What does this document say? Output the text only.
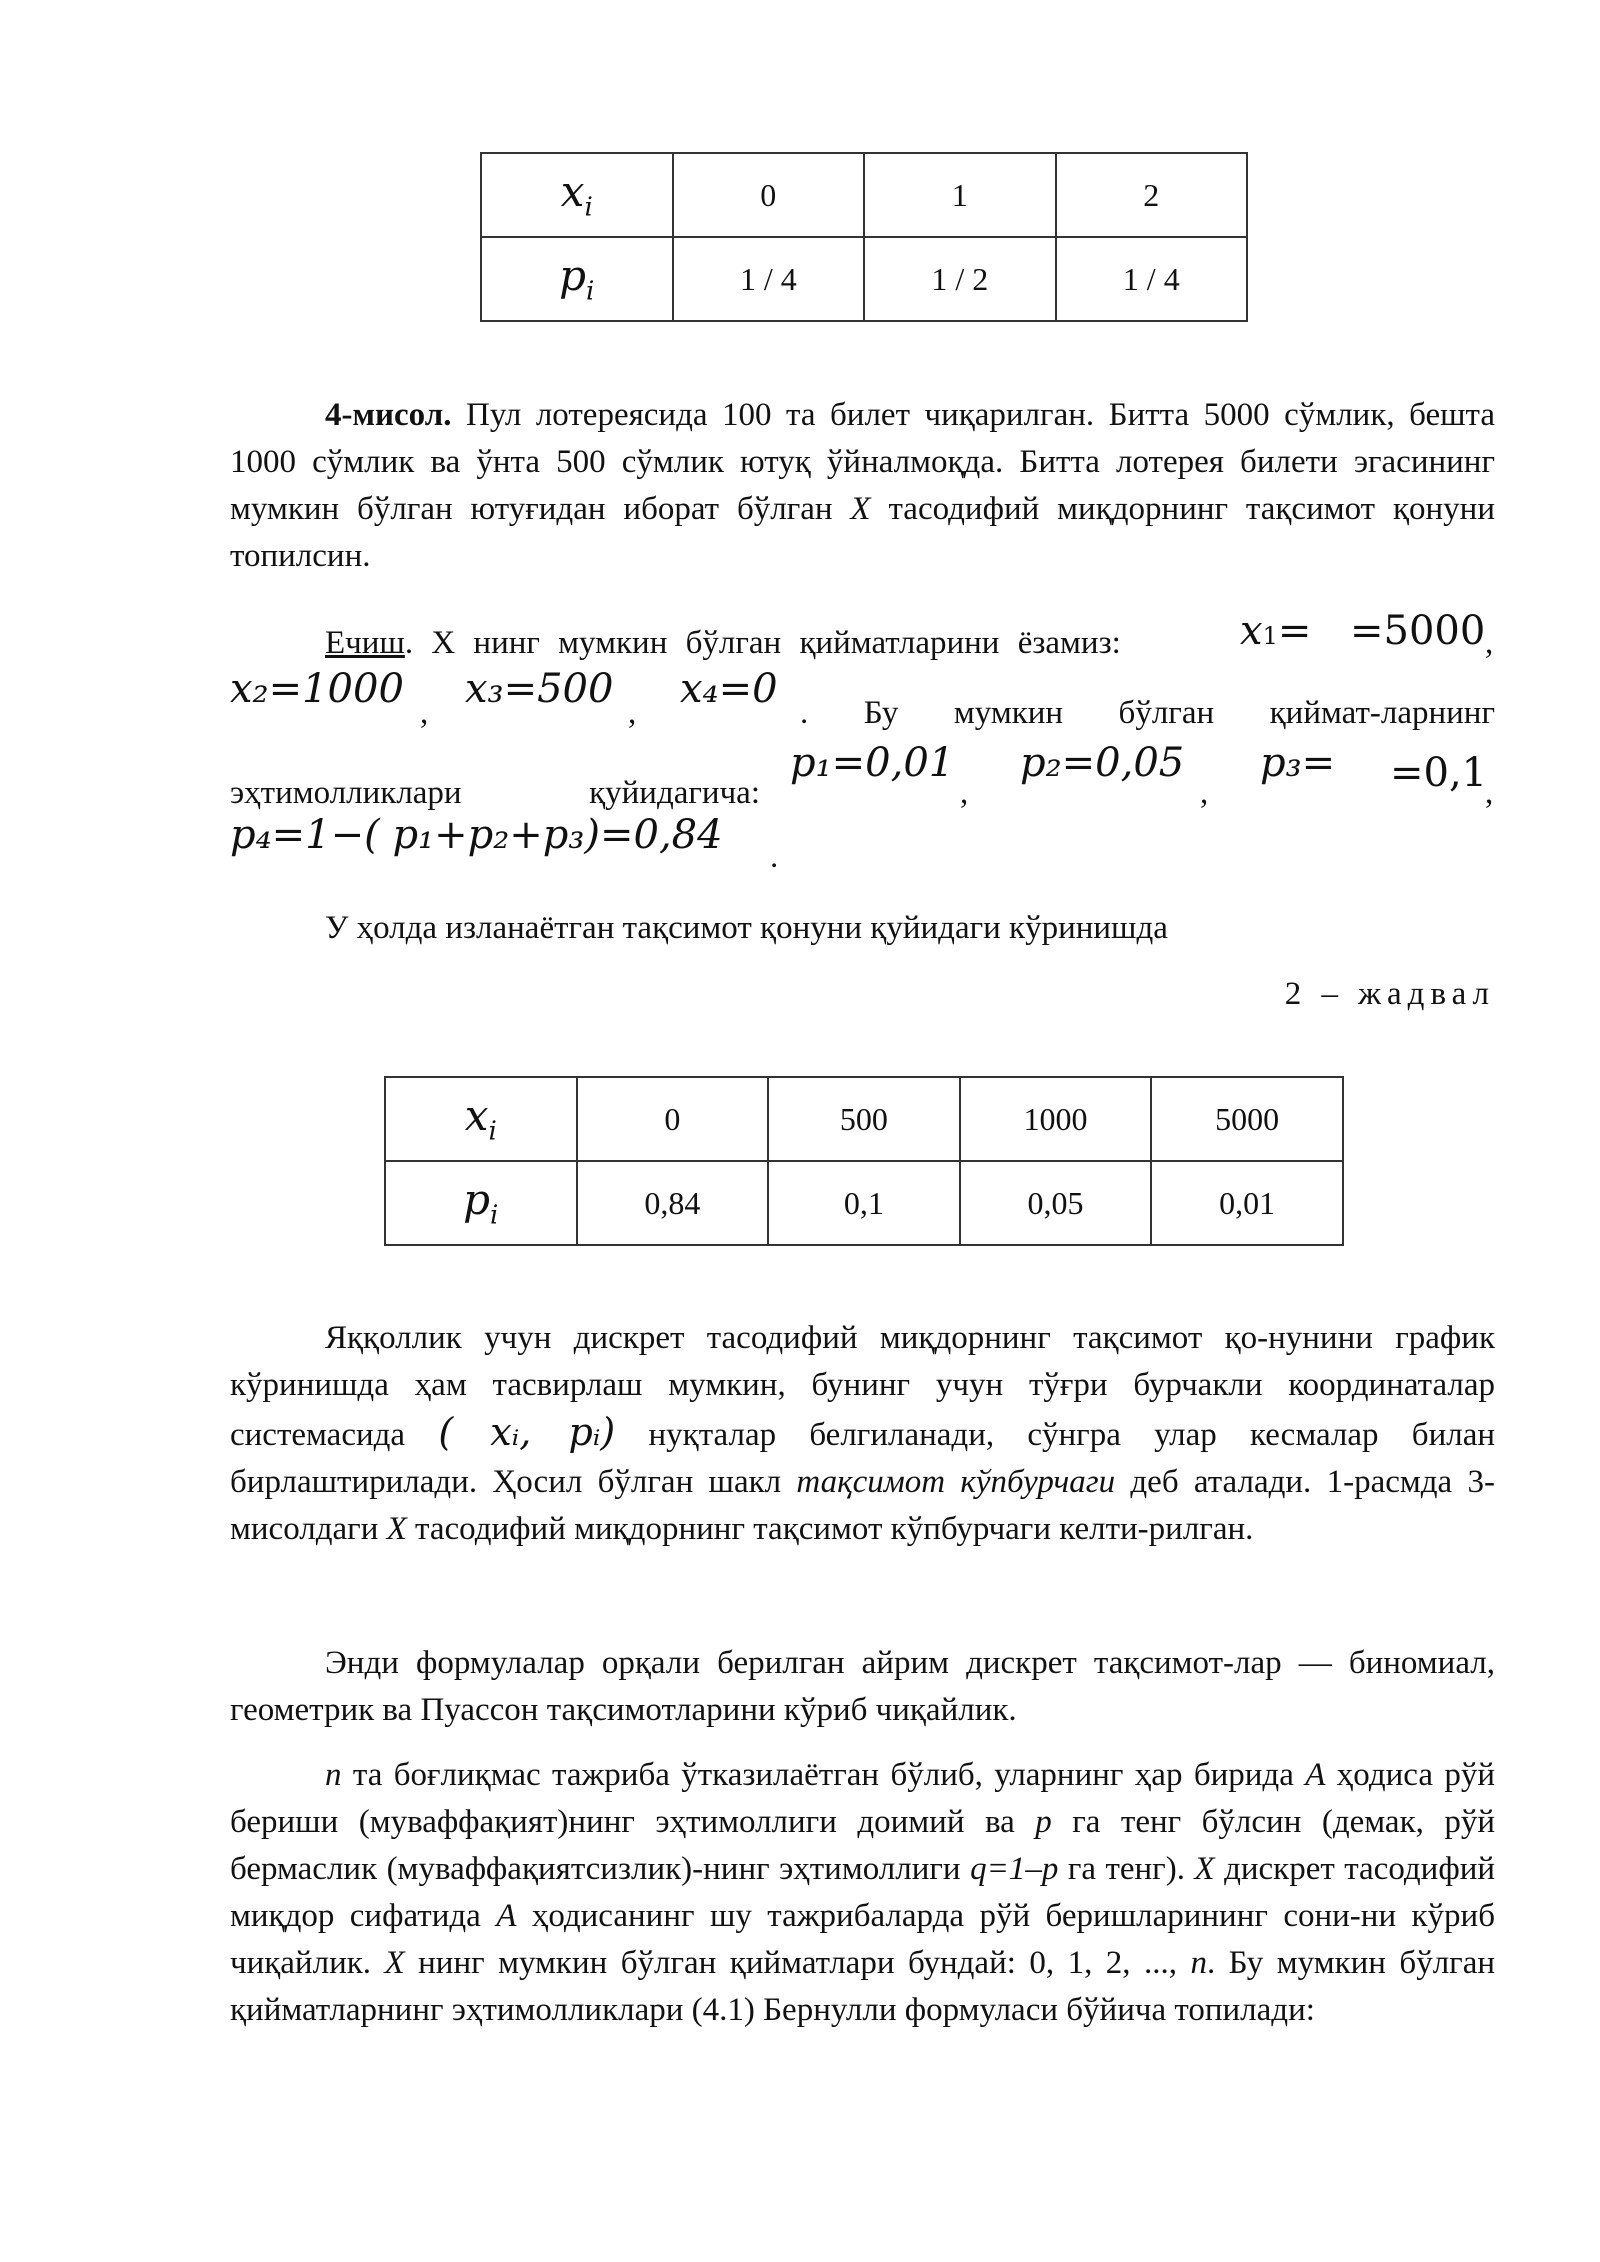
$x_i$	0	1	2
$p_i$	1 / 4	1 / 2	1 / 4
4-мисол. Пул лотереясида 100 та билет чиқарилган. Битта 5000 сўмлик, бешта 1000 сўмлик ва ўнта 500 сўмлик ютуқ ўйналмоқда. Битта лотерея билети эгасининг мумкин бўлган ютуғидан иборат бўлган X тасодифий миқдорнинг тақсимот қонуни топилсин.
Ечиш. X нинг мумкин бўлган қийматларини ёзамиз:	x1= =5000 ,
x₂=1000
,
x₃=500
,
x₄=0
. Бу мумкин бўлган қиймат-ларнинг
эҳтимолликлари қуйидагича:
p₁=0,01
,
p₂=0,05
,
p₃= =0,1
,
p₄=1−( p₁+p₂+p₃)=0,84 .
У ҳолда изланаётган тақсимот қонуни қуйидаги кўринишда
2 – жадвал
$x_i$	0	500	1000	5000
$p_i$	0,84	0,1	0,05	0,01
Яққоллик учун дискрет тасодифий миқдорнинг тақсимот қо-нунини график кўринишда ҳам тасвирлаш мумкин, бунинг учун тўғри бурчакли координаталар системасида ( xᵢ, pᵢ) нуқталар белгиланади, сўнгра улар кесмалар билан бирлаштирилади. Ҳосил бўлган шакл тақсимот кўпбурчаги деб аталади. 1-расмда 3-мисолдаги X тасодифий миқдорнинг тақсимот кўпбурчаги келти-рилган.
Энди формулалар орқали берилган айрим дискрет тақсимот-лар — биномиал, геометрик ва Пуассон тақсимотларини кўриб чиқайлик.
n та боғлиқмас тажриба ўтказилаётган бўлиб, уларнинг ҳар бирида A ҳодиса рўй бериши (муваффақият)нинг эҳтимоллиги доимий ва p га тенг бўлсин (демак, рўй бермаслик (муваффақиятсизлик)-нинг эҳтимоллиги q=1–p га тенг). X дискрет тасодифий миқдор сифатида A ҳодисанинг шу тажрибаларда рўй беришларининг сони-ни кўриб чиқайлик. X нинг мумкин бўлган қийматлари бундай: 0, 1, 2, ..., n. Бу мумкин бўлган қийматларнинг эҳтимолликлари (4.1) Бернулли формуласи бўйича топилади:
